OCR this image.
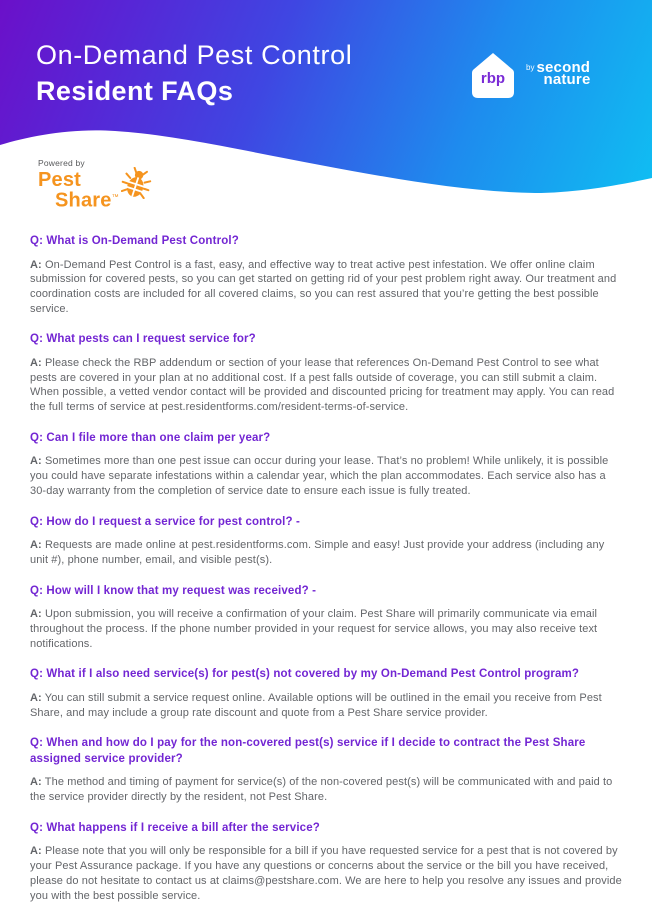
On-Demand Pest Control
Resident FAQs	rbp
by second
nature
Powered by
Pest
Share™
Q: What is On-Demand Pest Control?

A: On-Demand Pest Control is a fast, easy, and effective way to treat active pest infestation. We offer online claim submission for covered pests, so you can get started on getting rid of your pest problem right away. Our treatment and coordination costs are included for all covered claims, so you can rest assured that you’re getting the best possible service.

Q: What pests can I request service for?

A: Please check the RBP addendum or section of your lease that references On-Demand Pest Control to see what pests are covered in your plan at no additional cost. If a pest falls outside of coverage, you can still submit a claim. When possible, a vetted vendor contact will be provided and discounted pricing for treatment may apply. You can read the full terms of service at pest.residentforms.com/resident-terms-of-service.

Q: Can I file more than one claim per year?

A: Sometimes more than one pest issue can occur during your lease. That’s no problem! While unlikely, it is possible you could have separate infestations within a calendar year, which the plan accommodates. Each service also has a 30-day warranty from the completion of service date to ensure each issue is fully treated.

Q: How do I request a service for pest control? -

A: Requests are made online at pest.residentforms.com. Simple and easy! Just provide your address (including any unit #), phone number, email, and visible pest(s).

Q: How will I know that my request was received? -

A: Upon submission, you will receive a confirmation of your claim. Pest Share will primarily communicate via email throughout the process. If the phone number provided in your request for service allows, you may also receive text notifications.

Q: What if I also need service(s) for pest(s) not covered by my On-Demand Pest Control program?

A: You can still submit a service request online. Available options will be outlined in the email you receive from Pest Share, and may include a group rate discount and quote from a Pest Share service provider.

Q: When and how do I pay for the non-covered pest(s) service if I decide to contract the Pest Share assigned service provider?

A: The method and timing of payment for service(s) of the non-covered pest(s) will be communicated with and paid to the service provider directly by the resident, not Pest Share.

Q: What happens if I receive a bill after the service?

A: Please note that you will only be responsible for a bill if you have requested service for a pest that is not covered by your Pest Assurance package. If you have any questions or concerns about the service or the bill you have received, please do not hesitate to contact us at claims@pestshare.com. We are here to help you resolve any issues and provide you with the best possible service.
